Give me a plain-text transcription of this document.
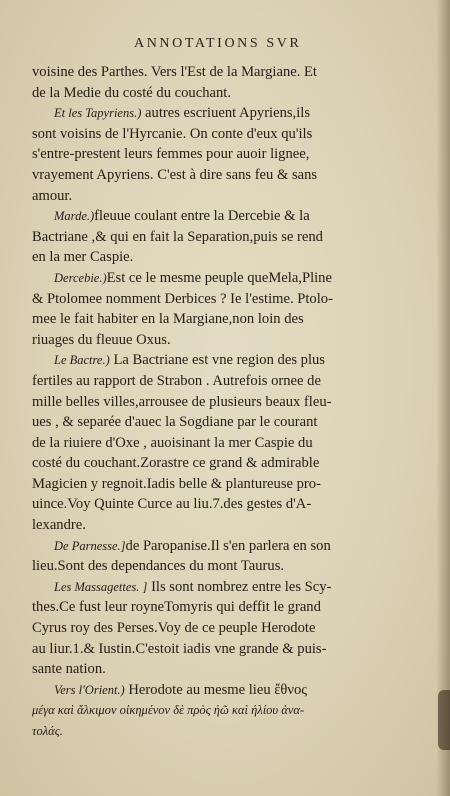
ANNOTATIONS SVR
voisine des Parthes. Vers l'Est de la Margiane. Et
de la Medie du costé du couchant.
Et les Tapyriens.) autres escriuent Apyriens,ils
sont voisins de l'Hyrcanie. On conte d'eux qu'ils
s'entre-prestent leurs femmes pour auoir lignee,
vrayement Apyriens. C'est à dire sans feu & sans
amour.
Marde.)fleuue coulant entre la Dercebie & la
Bactriane ,& qui en fait la Separation,puis se rend
en la mer Caspie.
Dercebie.)Est ce le mesme peuple queMela,Pline
& Ptolomee nomment Derbices ? Ie l'estime. Ptolo-
mee le fait habiter en la Margiane,non loin des
riuages du fleuue Oxus.
Le Bactre.) La Bactriane est vne region des plus
fertiles au rapport de Strabon . Autrefois ornee de
mille belles villes,arrousee de plusieurs beaux fleu-
ues , & separée d'auec la Sogdiane par le courant
de la riuiere d'Oxe , auoisinant la mer Caspie du
costé du couchant.Zorastre ce grand & admirable
Magicien y regnoit.Iadis belle & plantureuse pro-
uince.Voy Quinte Curce au liu.7.des gestes d'A-
lexandre.
De Parnesse.]de Paropanise.Il s'en parlera en son
lieu.Sont des dependances du mont Taurus.
Les Massagettes. ] Ils sont nombrez entre les Scy-
thes.Ce fust leur royneTomyris qui deffit le grand
Cyrus roy des Perses.Voy de ce peuple Herodote
au liur.1.& Iustin.C'estoit iadis vne grande & puis-
sante nation.
Vers l'Orient.) Herodote au mesme lieu ἔθνος
μέγα καὶ ἄλκιμον οἰκημένον δὲ πρὸς ἠῶ καὶ ἡλίου ἀνα-
τολάς.
